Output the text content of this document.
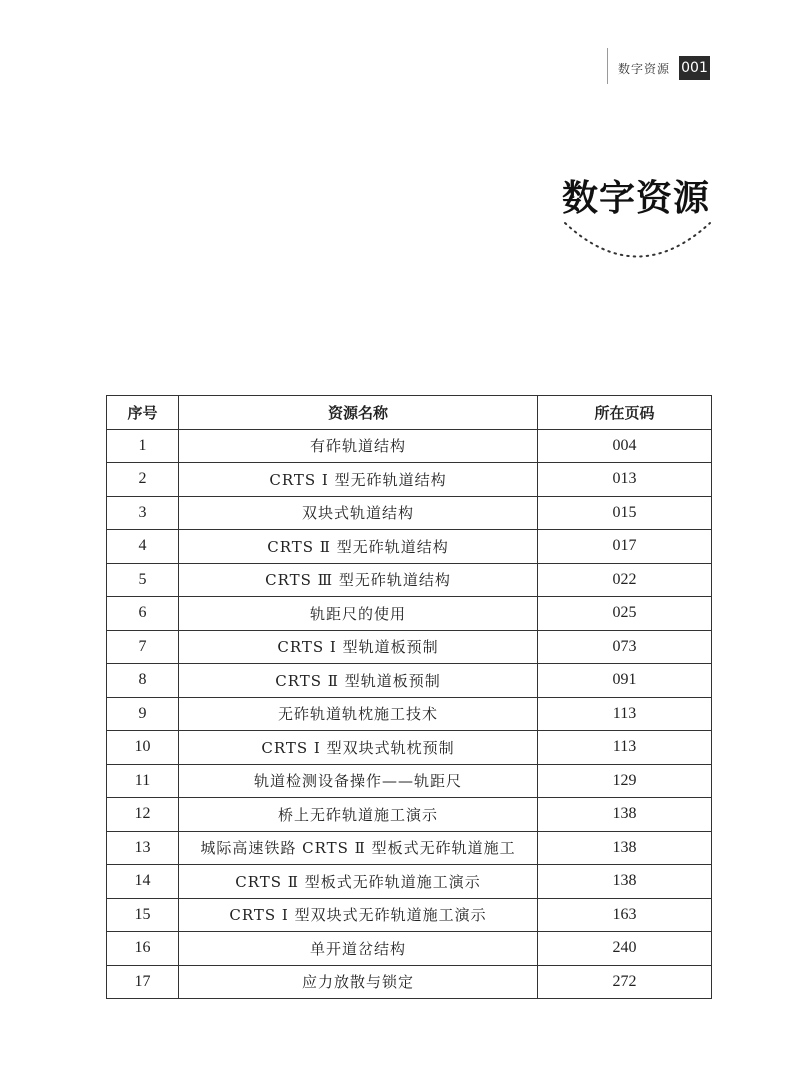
数字资源 001
数字资源
序号	资源名称	所在页码
1	有砟轨道结构	004
2	CRTS Ⅰ 型无砟轨道结构	013
3	双块式轨道结构	015
4	CRTS Ⅱ 型无砟轨道结构	017
5	CRTS Ⅲ 型无砟轨道结构	022
6	轨距尺的使用	025
7	CRTS Ⅰ 型轨道板预制	073
8	CRTS Ⅱ 型轨道板预制	091
9	无砟轨道轨枕施工技术	113
10	CRTS Ⅰ 型双块式轨枕预制	113
11	轨道检测设备操作——轨距尺	129
12	桥上无砟轨道施工演示	138
13	城际高速铁路 CRTS Ⅱ 型板式无砟轨道施工	138
14	CRTS Ⅱ 型板式无砟轨道施工演示	138
15	CRTS Ⅰ 型双块式无砟轨道施工演示	163
16	单开道岔结构	240
17	应力放散与锁定	272
